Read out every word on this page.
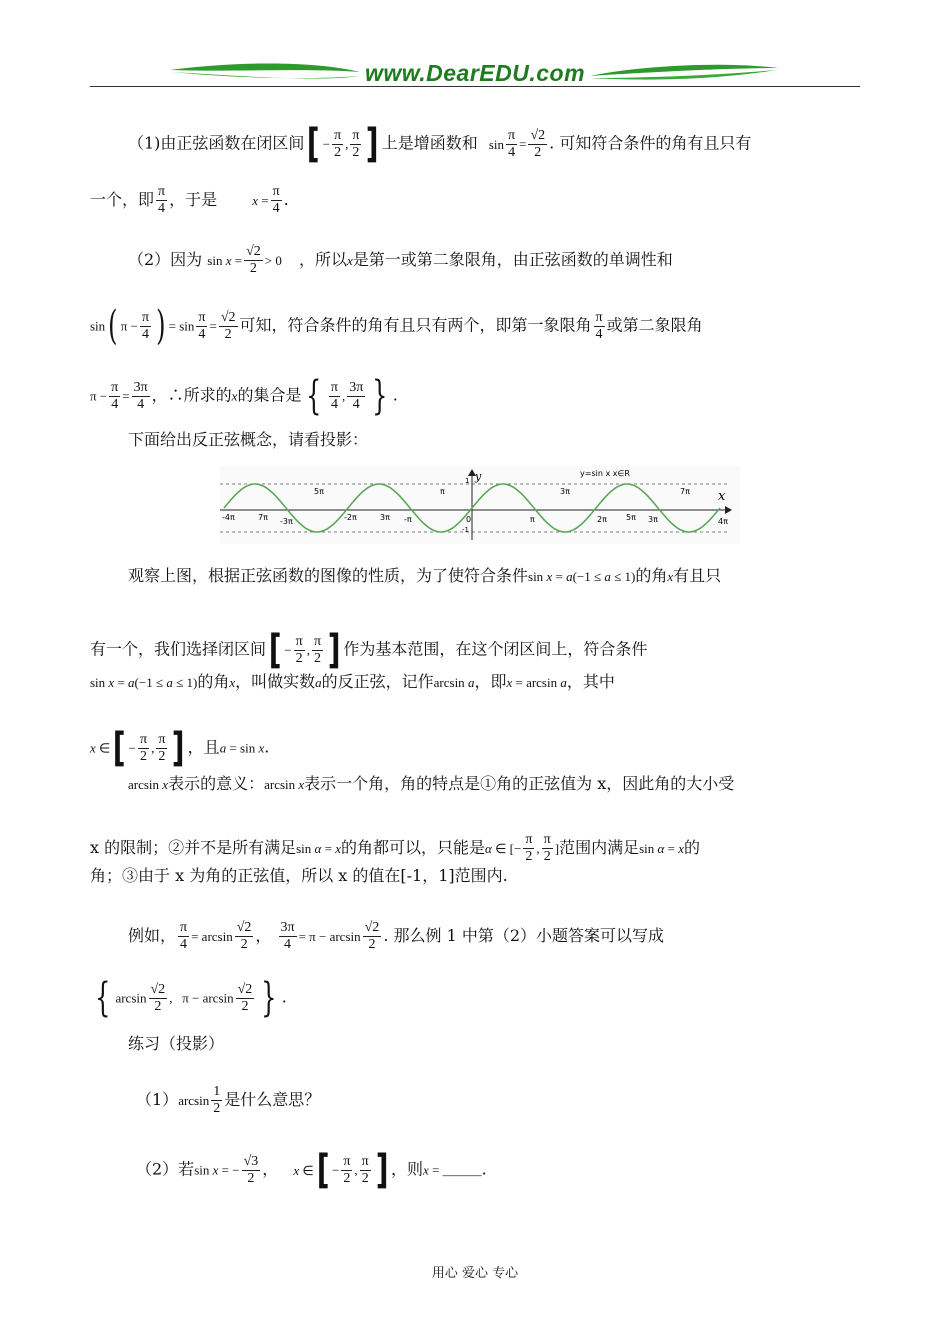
www.DearEDU.com
（1)由正弦函数在闭区间[ − $\frac{\pi}{2}$ , $\frac{\pi}{2}$ ] 上是增函数和 $\sin \frac{\pi}{4} = \frac{√2}{2}$ . 可知符合条件的角有且只有
一个，即 $\frac{\pi}{4}$ ，于是	$x = \frac{\pi}{4}$ .
（2）因为 $\sin x = \frac{√2}{2} > 0$ ，所以x是第一或第二象限角，由正弦函数的单调性和
sin( $\pi - \frac{\pi}{4}$ ) = $\sin \frac{\pi}{4} = \frac{√2}{2}$ 可知，符合条件的角有且只有两个，即第一象限角 $\frac{\pi}{4}$ 或第二象限角
$\pi - \frac{\pi}{4} = \frac{3\pi}{4}$ ，∴所求的x的集合是 { $\frac{\pi}{4}$ , $\frac{3\pi}{4}$ } .
下面给出反正弦概念，请看投影：
y
x
y=sin x x∈R
1
-1
-4π	7π -3π	-2π	3π -π	0	π	2π 5π 3π	4π
5π	π	3π	7π
观察上图，根据正弦函数的图像的性质，为了使符合条件sin x = a(−1 ≤ a ≤ 1)的角x有且只
有一个，我们选择闭区间[ − $\frac{\pi}{2}$ , $\frac{\pi}{2}$ ] 作为基本范围，在这个闭区间上，符合条件
sin x = a(−1 ≤ a ≤ 1)的角x，叫做实数a的反正弦，记作arcsin a，即x = arcsin a，其中
x ∈[ − $\frac{\pi}{2}$ , $\frac{\pi}{2}$ ] ，且a = sin x.
arcsin x表示的意义：arcsin x表示一个角，角的特点是①角的正弦值为 x，因此角的大小受
x 的限制；②并不是所有满足sin α = x的角都可以，只能是α ∈ [− $\frac{\pi}{2}$ , $\frac{\pi}{2}$ ]范围内满足sin α = x的
角；③由于 x 为角的正弦值，所以 x 的值在[-1，1]范围内.
例如， $\frac{\pi}{4} = \arcsin \frac{√2}{2}$ ， $\frac{3\pi}{4} = \pi - \arcsin \frac{√2}{2}$ . 那么例 1 中第（2）小题答案可以写成
{ $\arcsin \frac{√2}{2}$ ,   $\pi - \arcsin \frac{√2}{2}$ } .
练习（投影）
$(1)\arcsin \frac{1}{2}$ 是什么意思？
（2）若sin x = − $\frac{√3}{2}$ ， x ∈[ − $\frac{\pi}{2}$ , $\frac{\pi}{2}$ ] ，则x = ______.
用心 爱心 专心
